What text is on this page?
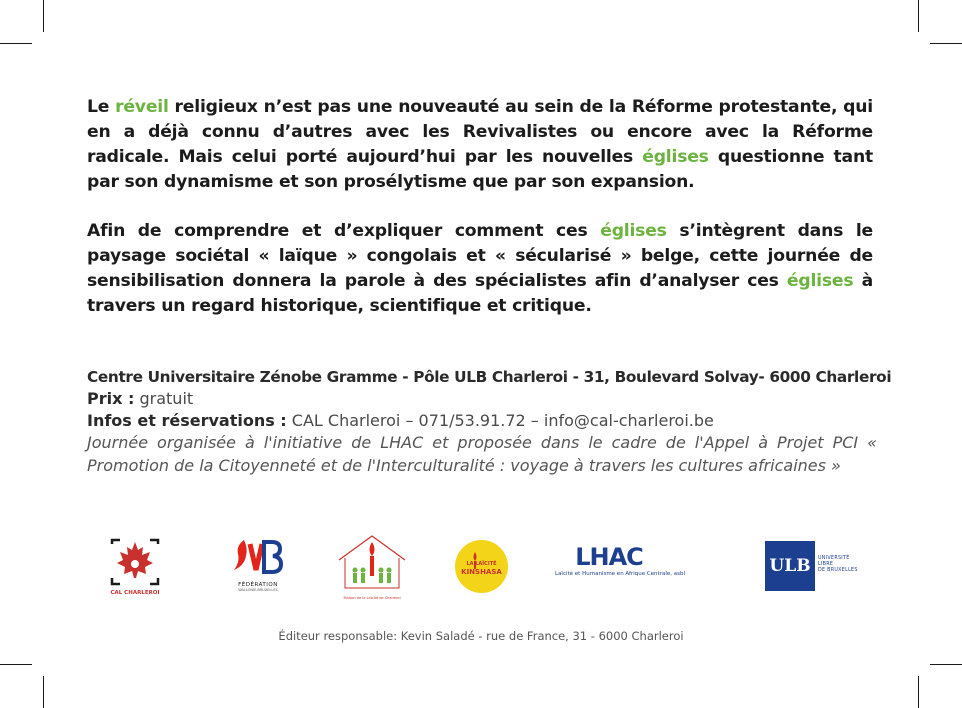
Le réveil religieux n’est pas une nouveauté au sein de la Réforme protestante, qui en a déjà connu d’autres avec les Revivalistes ou encore avec la Réforme radicale. Mais celui porté aujourd’hui par les nouvelles églises questionne tant par son dynamisme et son prosélytisme que par son expansion.
Afin de comprendre et d’expliquer comment ces églises s’intègrent dans le paysage sociétal « laïque » congolais et « sécularisé » belge, cette journée de sensibilisation donnera la parole à des spécialistes afin d’analyser ces églises à travers un regard historique, scientifique et critique.
Centre Universitaire Zénobe Gramme - Pôle ULB Charleroi - 31, Boulevard Solvay- 6000 Charleroi
Prix : gratuit
Infos et réservations : CAL Charleroi – 071/53.91.72 – info@cal-charleroi.be
Journée organisée à l'initiative de LHAC et proposée dans le cadre de l'Appel à Projet PCI « Promotion de la Citoyenneté et de l'Interculturalité : voyage à travers les cultures africaines »
CAL CHARLEROI
FÉDÉRATION
WALLONIE-BRUXELLES
Maison de la Laïcité de Charleroi
LA LAÏCITÉ
KINSHASA
LHAC
Laïcité et Humanisme en Afrique Centrale, asbl	ULB UNIVERSITÉ
LIBRE
DE BRUXELLES
Éditeur responsable: Kevin Saladé - rue de France, 31 - 6000 Charleroi
